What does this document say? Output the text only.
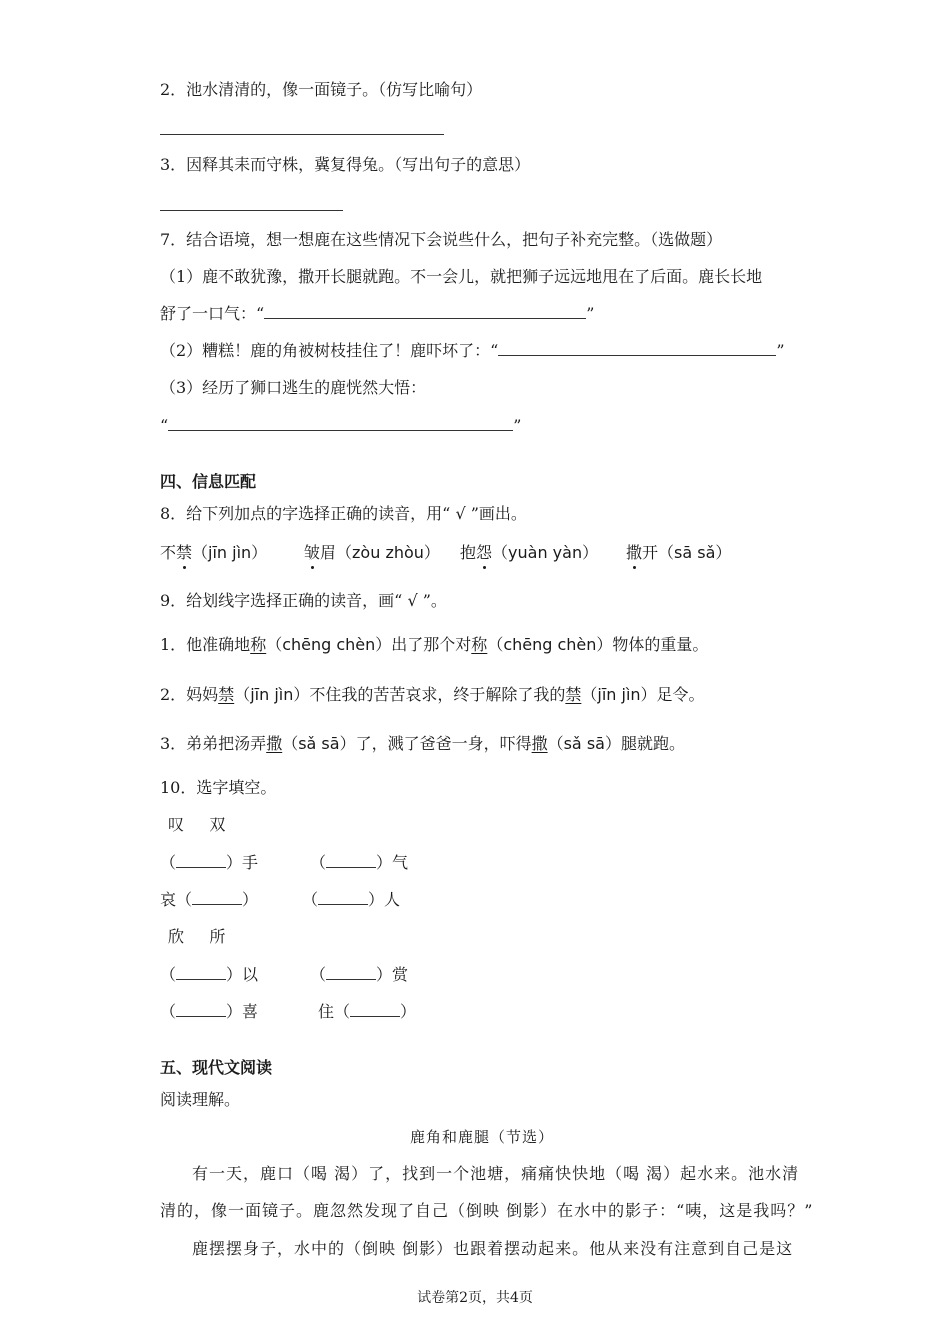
2．池水清清的，像一面镜子。（仿写比喻句）
3．因释其耒而守株，冀复得兔。（写出句子的意思）
7．结合语境，想一想鹿在这些情况下会说些什么，把句子补充完整。（选做题）
（1）鹿不敢犹豫，撒开长腿就跑。不一会儿，就把狮子远远地甩在了后面。鹿长长地
舒了一口气：“	”
（2）糟糕！鹿的角被树枝挂住了！鹿吓坏了：“	”
（3）经历了狮口逃生的鹿恍然大悟：
“	”
四、信息匹配
8．给下列加点的字选择正确的读音，用“ √ ”画出。
不禁（jīn jìn） 皱眉（zòu zhòu） 抱怨（yuàn yàn） 撒开（sā sǎ）
9．给划线字选择正确的读音，画“ √ ”。
1．他准确地称（chēng chèn）出了那个对称（chēng chèn）物体的重量。
2．妈妈禁（jīn jìn）不住我的苦苦哀求，终于解除了我的禁（jīn jìn）足令。
3．弟弟把汤弄撒（sǎ sā）了，溅了爸爸一身，吓得撒（sǎ sā）腿就跑。
10．选字填空。
叹     双
（	）手	（	）气
哀（	）	（	）人
欣     所
（	）以	（	）赏
（	）喜	住（	）
五、现代文阅读
阅读理解。
鹿角和鹿腿（节选）
有一天，鹿口（喝 渴）了，找到一个池塘，痛痛快快地（喝 渴）起水来。池水清
清的，像一面镜子。鹿忽然发现了自己（倒映 倒影）在水中的影子：“咦，这是我吗？”
鹿摆摆身子，水中的（倒映 倒影）也跟着摆动起来。他从来没有注意到自己是这
试卷第2页，共4页
